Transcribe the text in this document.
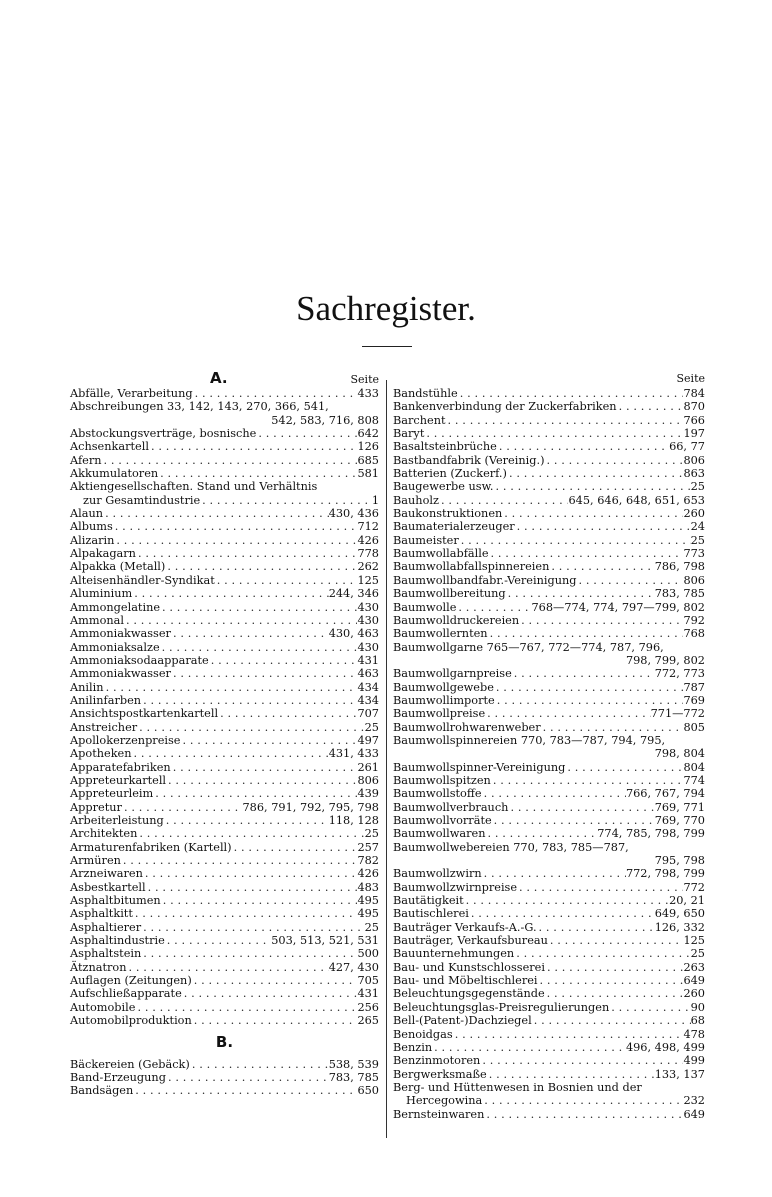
Sachregister.
A.	Seite
Abfälle, Verarbeitung . . .	433
Abschreibungen 33, 142, 143, 270, 366, 541,
542, 583, 716, 808
Abstockungsverträge, bosnische . . .	642
Achsenkartell . . .	126
Afern . . .	685
Akkumulatoren . . .	581
Aktiengesellschaften. Stand und Verhältnis
zur Gesamtindustrie . . .	1
Alaun . . .	430, 436
Albums . . .	712
Alizarin . . .	426
Alpakagarn . . .	778
Alpakka (Metall) . . .	262
Alteisenhändler-Syndikat . . .	125
Aluminium . . .	244, 346
Ammongelatine . . .	430
Ammonal . . .	430
Ammoniakwasser . . .	430, 463
Ammoniaksalze . . .	430
Ammoniaksodaapparate . . .	431
Ammoniakwasser . . .	463
Anilin . . .	434
Anilinfarben . . .	434
Ansichtspostkartenkartell . . .	707
Anstreicher . . .	25
Apollokerzenpreise . . .	497
Apotheken . . .	431, 433
Apparatefabriken . . .	261
Appreteurkartell . . .	806
Appreteurleim . . .	439
Appretur . . .	786, 791, 792, 795, 798
Arbeiterleistung . . .	118, 128
Architekten . . .	25
Armaturenfabriken (Kartell) . . .	257
Armüren . . .	782
Arzneiwaren . . .	426
Asbestkartell . . .	483
Asphaltbitumen . . .	495
Asphaltkitt . . .	495
Asphaltierer . . .	25
Asphaltindustrie . . .	503, 513, 521, 531
Asphaltstein . . .	500
Ätznatron . . .	427, 430
Auflagen (Zeitungen) . . .	705
Aufschließapparate . . .	431
Automobile . . .	256
Automobilproduktion . . .	265
B.
Bäckereien (Gebäck) . . .	538, 539
Band-Erzeugung . . .	783, 785
Bandsägen . . .	650
Seite
Bandstühle . . .	784
Bankenverbindung der Zuckerfabriken . . .	870
Barchent . . .	766
Baryt . . .	197
Basaltsteinbrüche . . .	66, 77
Bastbandfabrik (Vereinig.) . . .	806
Batterien (Zuckerf.) . . .	863
Baugewerbe usw. . . .	25
Bauholz . . .	645, 646, 648, 651, 653
Baukonstruktionen . . .	260
Baumaterialerzeuger . . .	24
Baumeister . . .	25
Baumwollabfälle . . .	773
Baumwollabfallspinnereien . . .	786, 798
Baumwollbandfabr.-Vereinigung . . .	806
Baumwollbereitung . . .	783, 785
Baumwolle . . .	768—774, 774, 797—799, 802
Baumwolldruckereien . . .	792
Baumwollernten . . .	768
Baumwollgarne 765—767, 772—774, 787, 796,
798, 799, 802
Baumwollgarnpreise . . .	772, 773
Baumwollgewebe . . .	787
Baumwollimporte . . .	769
Baumwollpreise . . .	771—772
Baumwollrohwarenweber . . .	805
Baumwollspinnereien 770, 783—787, 794, 795,
798, 804
Baumwollspinner-Vereinigung . . .	804
Baumwollspitzen . . .	774
Baumwollstoffe . . .	766, 767, 794
Baumwollverbrauch . . .	769, 771
Baumwollvorräte . . .	769, 770
Baumwollwaren . . .	774, 785, 798, 799
Baumwollwebereien 770, 783, 785—787,
795, 798
Baumwollzwirn . . .	772, 798, 799
Baumwollzwirnpreise . . .	772
Bautätigkeit . . .	20, 21
Bautischlerei . . .	649, 650
Bauträger Verkaufs-A.-G. . . .	126, 332
Bauträger, Verkaufsbureau . . .	125
Bauunternehmungen . . .	25
Bau- und Kunstschlosserei . . .	263
Bau- und Möbeltischlerei . . .	649
Beleuchtungsgegenstände . . .	260
Beleuchtungsglas-Preisregulierungen . . .	90
Bell-(Patent-)Dachziegel . . .	68
Benoidgas . . .	478
Benzin . . .	496, 498, 499
Benzinmotoren . . .	499
Bergwerksmaße . . .	133, 137
Berg- und Hüttenwesen in Bosnien und der
Hercegowina . . .	232
Bernsteinwaren . . .	649
